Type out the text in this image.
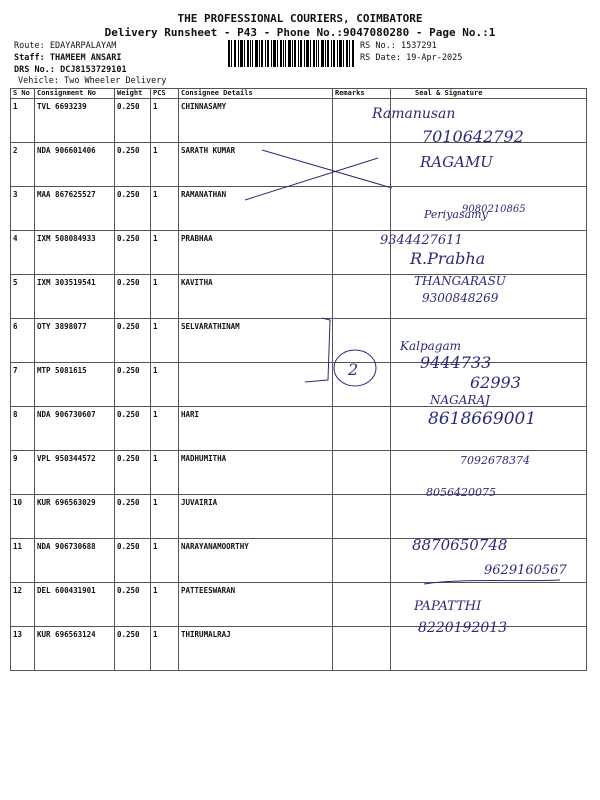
THE PROFESSIONAL COURIERS, COIMBATORE
Delivery Runsheet - P43 - Phone No.:9047080280 - Page No.:1
Route: EDAYARPALAYAM
Staff: THAMEEM ANSARI
DRS No.: DCJ8153729101
Vehicle: Two Wheeler Delivery
RS No.: 1537291
RS Date: 19-Apr-2025
S No	Consignment No	Weight	PCS	Consignee Details	Remarks	Seal & Signature
1	TVL 6693239	0.250	1	CHINNASAMY		
2	NDA 906601406	0.250	1	SARATH KUMAR		
3	MAA 867625527	0.250	1	RAMANATHAN		
4	IXM 508084933	0.250	1	PRABHAA		
5	IXM 303519541	0.250	1	KAVITHA		
6	OTY 3898077	0.250	1	SELVARATHINAM		
7	MTP 5081615	0.250	1			
8	NDA 906730607	0.250	1	HARI		
9	VPL 950344572	0.250	1	MADHUMITHA		
10	KUR 696563029	0.250	1	JUVAIRIA		
11	NDA 906730688	0.250	1	NARAYANAMOORTHY		
12	DEL 600431901	0.250	1	PATTEESWARAN		
13	KUR 696563124	0.250	1	THIRUMALRAJ		
Ramanusan
7010642792
RAGAMU
9080210865
Periyasamy
9344427611
R.Prabha
THANGARASU
9300848269
Kalpagam
9444733
62993
2
NAGARAJ
8618669001
7092678374
8056420075
8870650748
9629160567
PAPATTHI
8220192013
